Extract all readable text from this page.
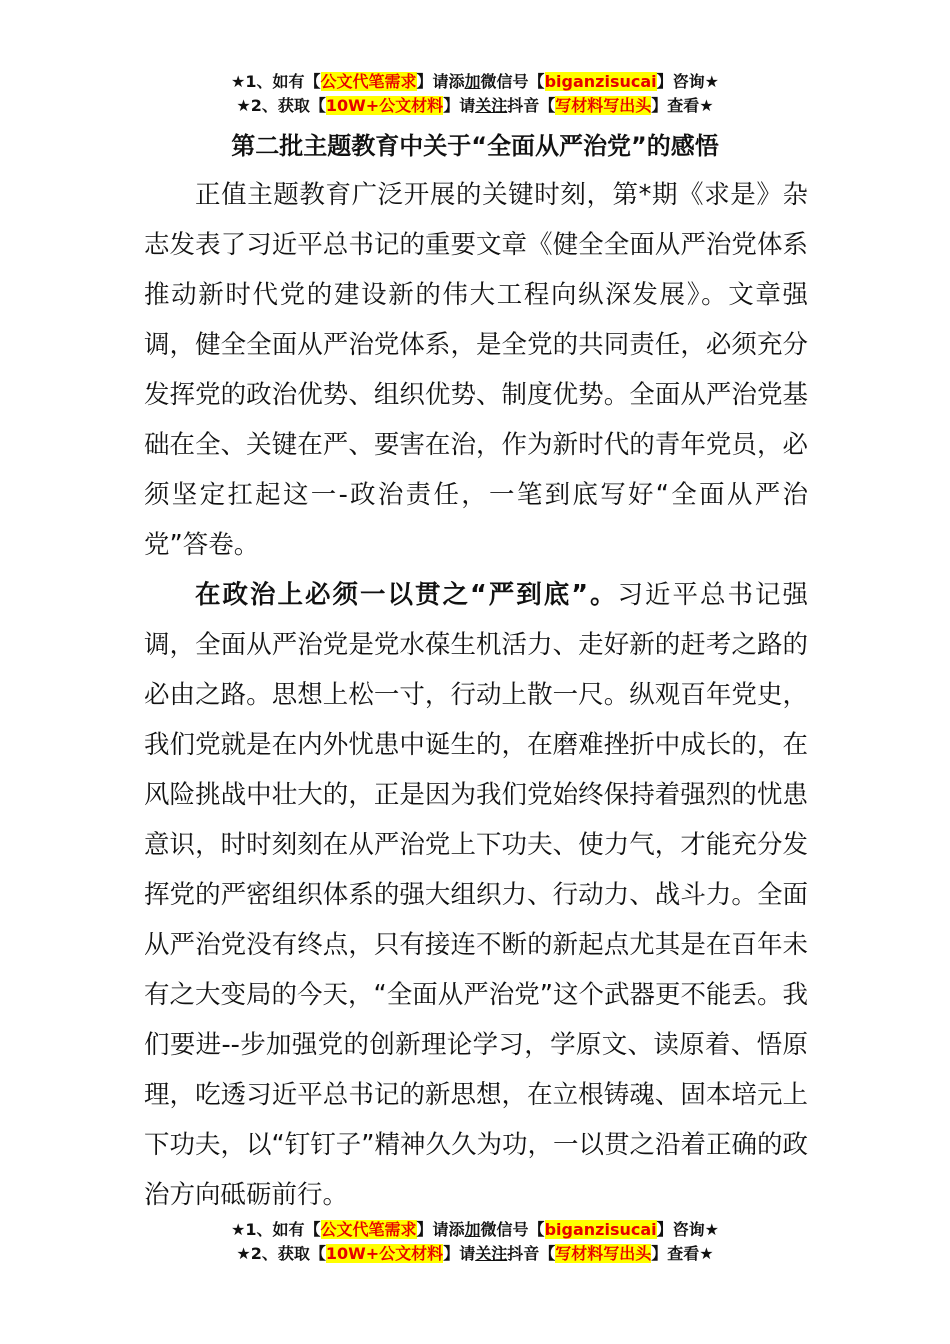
★1、如有【公文代笔需求】请添加微信号【biganzisucai】咨询★
★2、获取【10W+公文材料】请关注抖音【写材料写出头】查看★
第二批主题教育中关于“全面从严治党”的感悟

正值主题教育广泛开展的关键时刻，第*期《求是》杂志发表了习近平总书记的重要文章《健全全面从严治党体系推动新时代党的建设新的伟大工程向纵深发展》。文章强调，健全全面从严治党体系，是全党的共同责任，必须充分发挥党的政治优势、组织优势、制度优势。全面从严治党基础在全、关键在严、要害在治，作为新时代的青年党员，必须坚定扛起这一-政治责任，一笔到底写好“全面从严治党”答卷。

在政治上必须一以贯之“严到底”。习近平总书记强调，全面从严治党是党水葆生机活力、走好新的赶考之路的必由之路。思想上松一寸，行动上散一尺。纵观百年党史，我们党就是在内外忧患中诞生的，在磨难挫折中成长的，在风险挑战中壮大的，正是因为我们党始终保持着强烈的忧患意识，时时刻刻在从严治党上下功夫、使力气，才能充分发挥党的严密组织体系的强大组织力、行动力、战斗力。全面从严治党没有终点，只有接连不断的新起点尤其是在百年未有之大变局的今天，“全面从严治党”这个武器更不能丢。我们要进--步加强党的创新理论学习，学原文、读原着、悟原理，吃透习近平总书记的新思想，在立根铸魂、固本培元上下功夫，以“钉钉子”精神久久为功，一以贯之沿着正确的政治方向砥砺前行。

★1、如有【公文代笔需求】请添加微信号【biganzisucai】咨询★
★2、获取【10W+公文材料】请关注抖音【写材料写出头】查看★
